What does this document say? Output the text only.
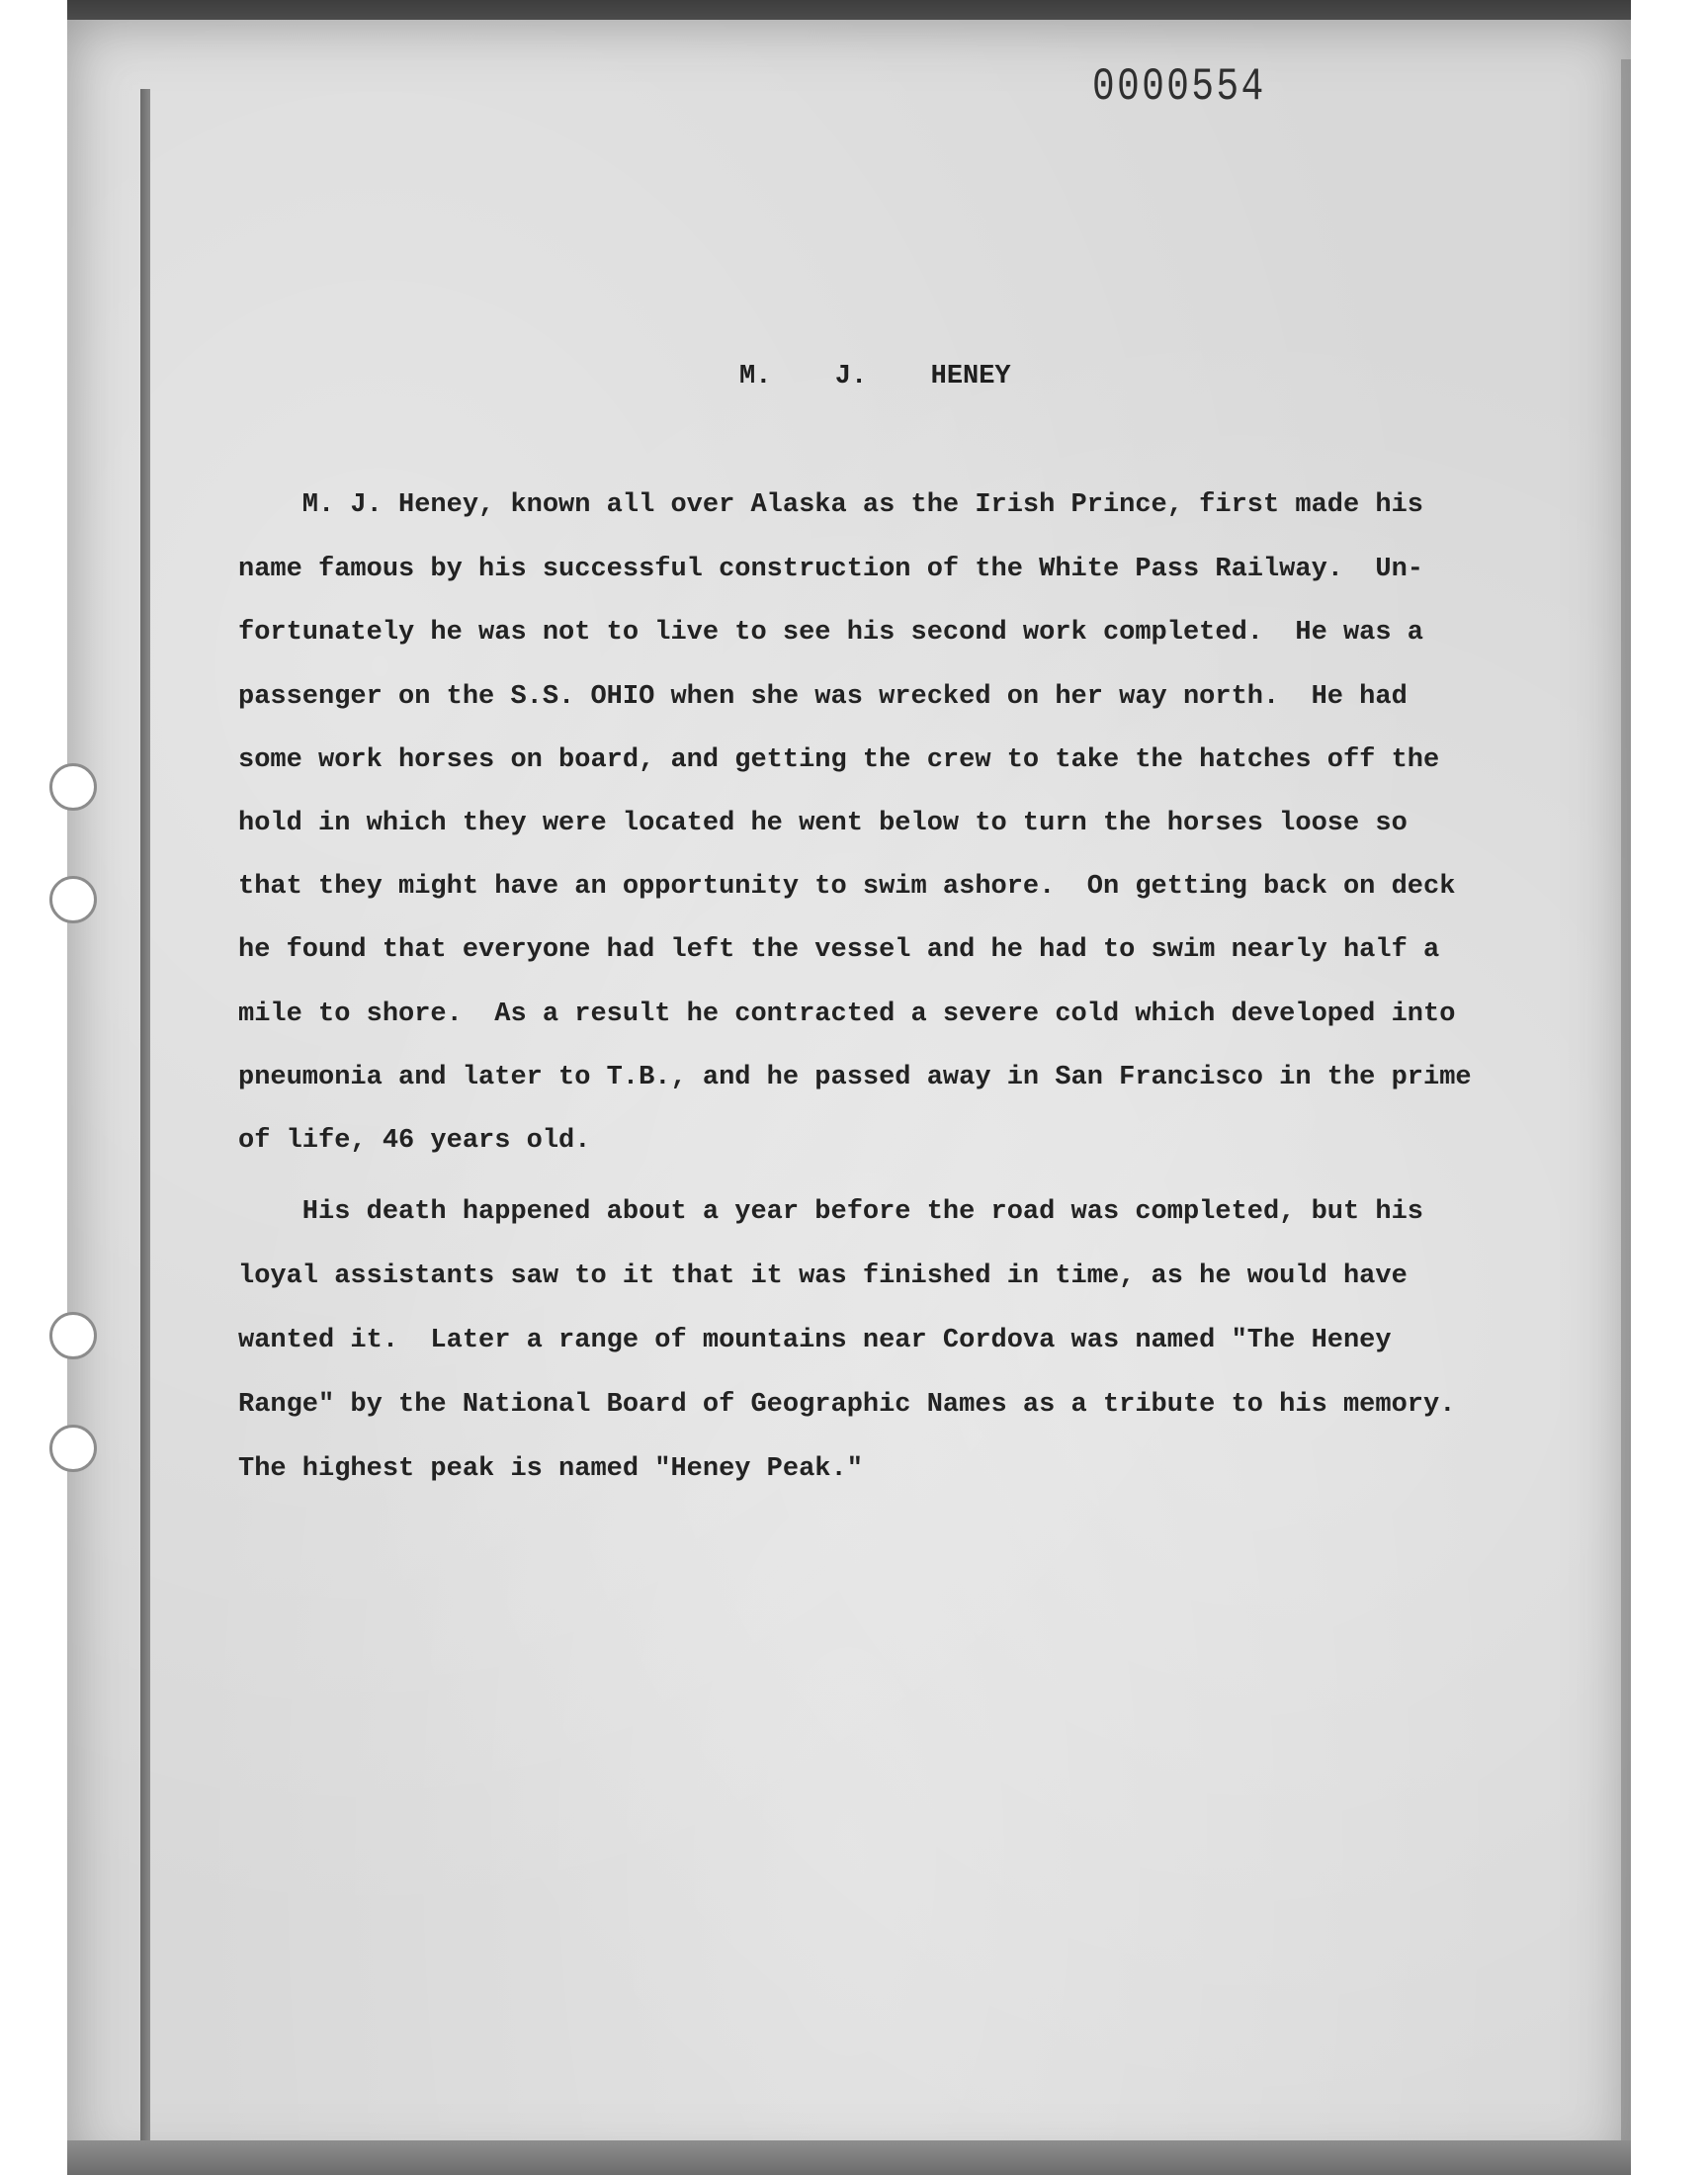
0000554
M.  J.  HENEY
M. J. Heney, known all over Alaska as the Irish Prince, first made his
name famous by his successful construction of the White Pass Railway.  Un-
fortunately he was not to live to see his second work completed.  He was a
passenger on the S.S. OHIO when she was wrecked on her way north.  He had
some work horses on board, and getting the crew to take the hatches off the
hold in which they were located he went below to turn the horses loose so
that they might have an opportunity to swim ashore.  On getting back on deck
he found that everyone had left the vessel and he had to swim nearly half a
mile to shore.  As a result he contracted a severe cold which developed into
pneumonia and later to T.B., and he passed away in San Francisco in the prime
of life, 46 years old.
His death happened about a year before the road was completed, but his
loyal assistants saw to it that it was finished in time, as he would have
wanted it.  Later a range of mountains near Cordova was named "The Heney
Range" by the National Board of Geographic Names as a tribute to his memory.
The highest peak is named "Heney Peak."
